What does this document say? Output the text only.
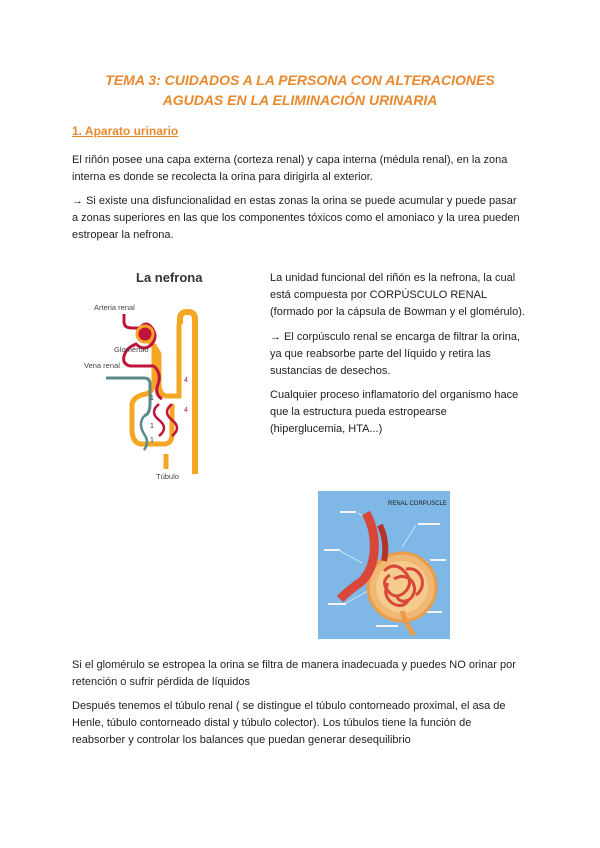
TEMA 3: CUIDADOS A LA PERSONA CON ALTERACIONES
AGUDAS EN LA ELIMINACIÓN URINARIA
1. Aparato urinario
El riñón posee una capa externa (corteza renal) y capa interna (médula renal), en la zona
interna es donde se recolecta la orina para dirigirla al exterior.
→ Si existe una disfuncionalidad en estas zonas la orina se puede acumular y puede pasar
a zonas superiores en las que los componentes tóxicos como el amoniaco y la urea pueden
estropear la nefrona.
La nefrona
Arteria renal
Glomérulo
Vena renal
Túbulo
1
1
1
4
4
La unidad funcional del riñón es la nefrona, la cual
está compuesta por CORPÚSCULO RENAL
(formado por la cápsula de Bowman y el glomérulo).
→ El corpúsculo renal se encarga de filtrar la orina,
ya que reabsorbe parte del líquido y retira las
sustancias de desechos.
Cualquier proceso inflamatorio del organismo hace
que la estructura pueda estropearse
(hiperglucemia, HTA...)
RENAL CORPUSCLE
Si el glomérulo se estropea la orina se filtra de manera inadecuada y puedes NO orinar por
retención o sufrir pérdida de líquidos
Después tenemos el túbulo renal ( se distingue el túbulo contorneado proximal, el asa de
Henle, túbulo contorneado distal y túbulo colector). Los túbulos tiene la función de
reabsorber y controlar los balances que puedan generar desequilibrio
